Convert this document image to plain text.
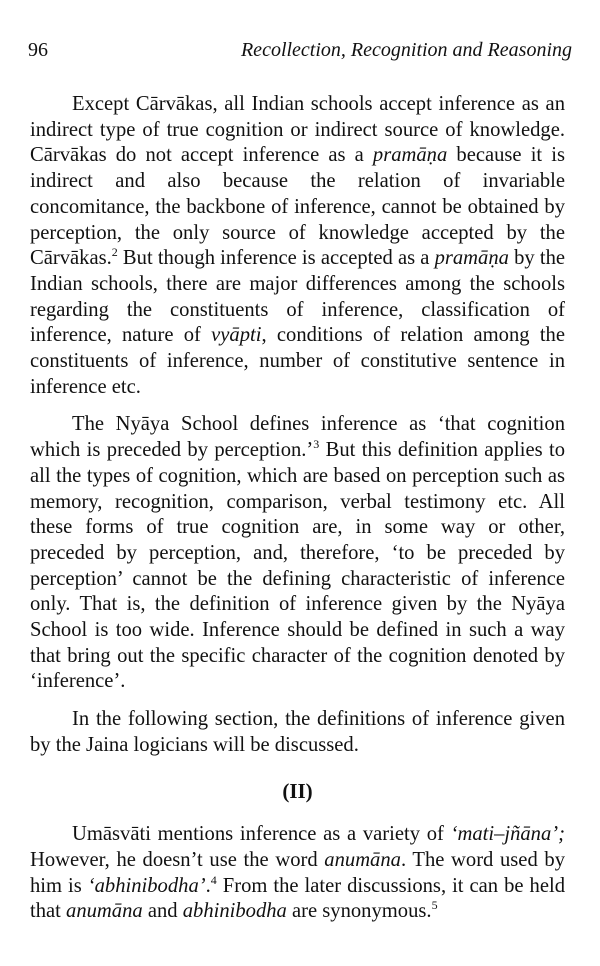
96	Recollection, Recognition and Reasoning

Except Cārvākas, all Indian schools accept inference as an indirect type of true cognition or indirect source of knowledge. Cārvākas do not accept inference as a pramāṇa because it is indirect and also because the relation of invariable concomitance, the backbone of inference, cannot be obtained by perception, the only source of knowledge accepted by the Cārvākas.$^2$ But though inference is accepted as a pramāṇa by the Indian schools, there are major differences among the schools regarding the constituents of inference, classification of inference, nature of vyāpti, conditions of relation among the constituents of inference, number of constitutive sentence in inference etc.

The Nyāya School defines inference as ‘that cognition which is preceded by perception.’$^3$ But this definition applies to all the types of cognition, which are based on perception such as memory, recognition, comparison, verbal testimony etc. All these forms of true cognition are, in some way or other, preceded by perception, and, therefore, ‘to be preceded by perception’ cannot be the defining characteristic of inference only. That is, the definition of inference given by the Nyāya School is too wide. Inference should be defined in such a way that bring out the specific character of the cognition denoted by ‘inference’.

In the following section, the definitions of inference given by the Jaina logicians will be discussed.

(II)

Umāsvāti mentions inference as a variety of ‘mati–jñāna’; However, he doesn’t use the word anumāna. The word used by him is ‘abhinibodha’.$^4$ From the later discussions, it can be held that anumāna and abhinibodha are synonymous.$^5$
